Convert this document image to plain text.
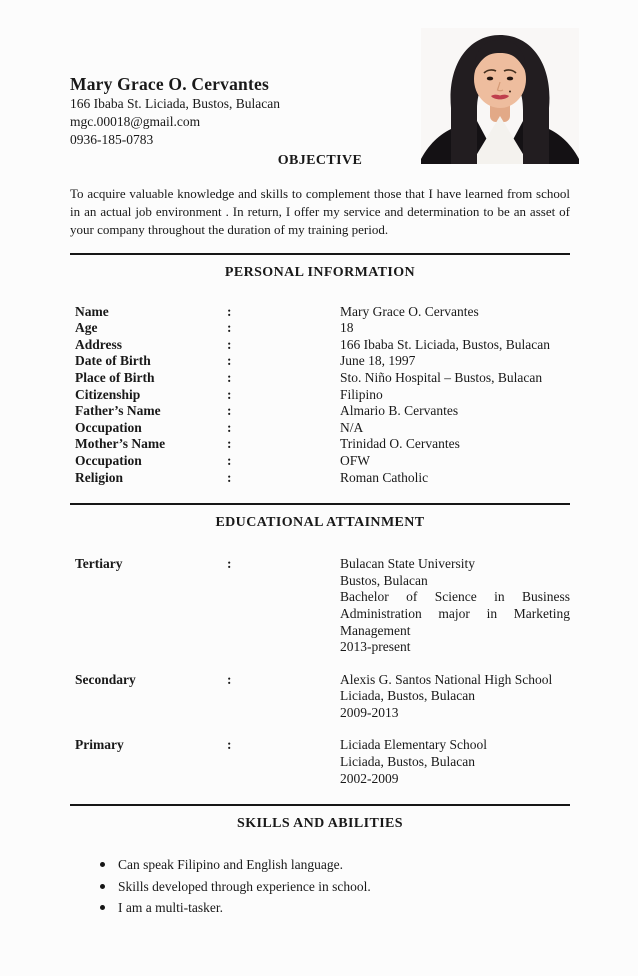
Mary Grace O. Cervantes
166 Ibaba St. Liciada, Bustos, Bulacan
mgc.00018@gmail.com
0936-185-0783
OBJECTIVE

To acquire valuable knowledge and skills to complement those that I have learned from school in an actual job environment . In return, I offer my service and determination to be an asset of your company throughout the duration of my training period.

PERSONAL INFORMATION
Name	:	Mary Grace O. Cervantes
Age	:	18
Address	:	166 Ibaba St. Liciada, Bustos, Bulacan
Date of Birth	:	June 18, 1997
Place of Birth	:	Sto. Niño Hospital – Bustos, Bulacan
Citizenship	:	Filipino
Father’s Name	:	Almario B. Cervantes
Occupation	:	N/A
Mother’s Name	:	Trinidad O. Cervantes
Occupation	:	OFW
Religion	:	Roman Catholic
EDUCATIONAL ATTAINMENT
Tertiary	:	Bulacan State University
Bustos, Bulacan
Bachelor of Science in Business Administration major in Marketing Management
2013-present
Secondary	:	Alexis G. Santos National High School
Liciada, Bustos, Bulacan
2009-2013
Primary	:	Liciada Elementary School
Liciada, Bustos, Bulacan
2002-2009
SKILLS AND ABILITIES
Can speak Filipino and English language.
Skills developed through experience in school.
I am a multi-tasker.
